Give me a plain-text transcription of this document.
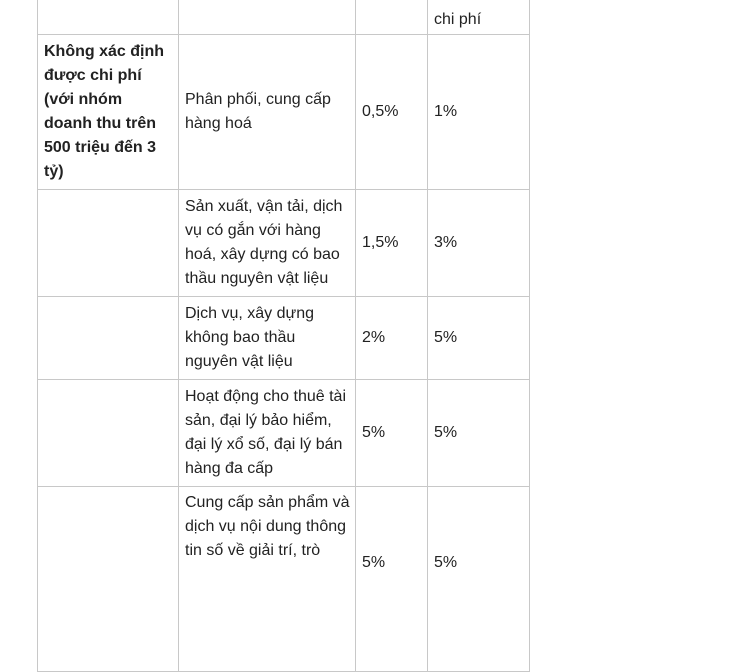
			chi phí
Không xác định được chi phí (với nhóm doanh thu trên 500 triệu đến 3 tỷ)	Phân phối, cung cấp hàng hoá	0,5%	1%
	Sản xuất, vận tải, dịch vụ có gắn với hàng hoá, xây dựng có bao thầu nguyên vật liệu	1,5%	3%
	Dịch vụ, xây dựng không bao thầu nguyên vật liệu	2%	5%
	Hoạt động cho thuê tài sản, đại lý bảo hiểm, đại lý xổ số, đại lý bán hàng đa cấp	5%	5%
	Cung cấp sản phẩm và dịch vụ nội dung thông tin số về giải trí, trò	5%	5%
